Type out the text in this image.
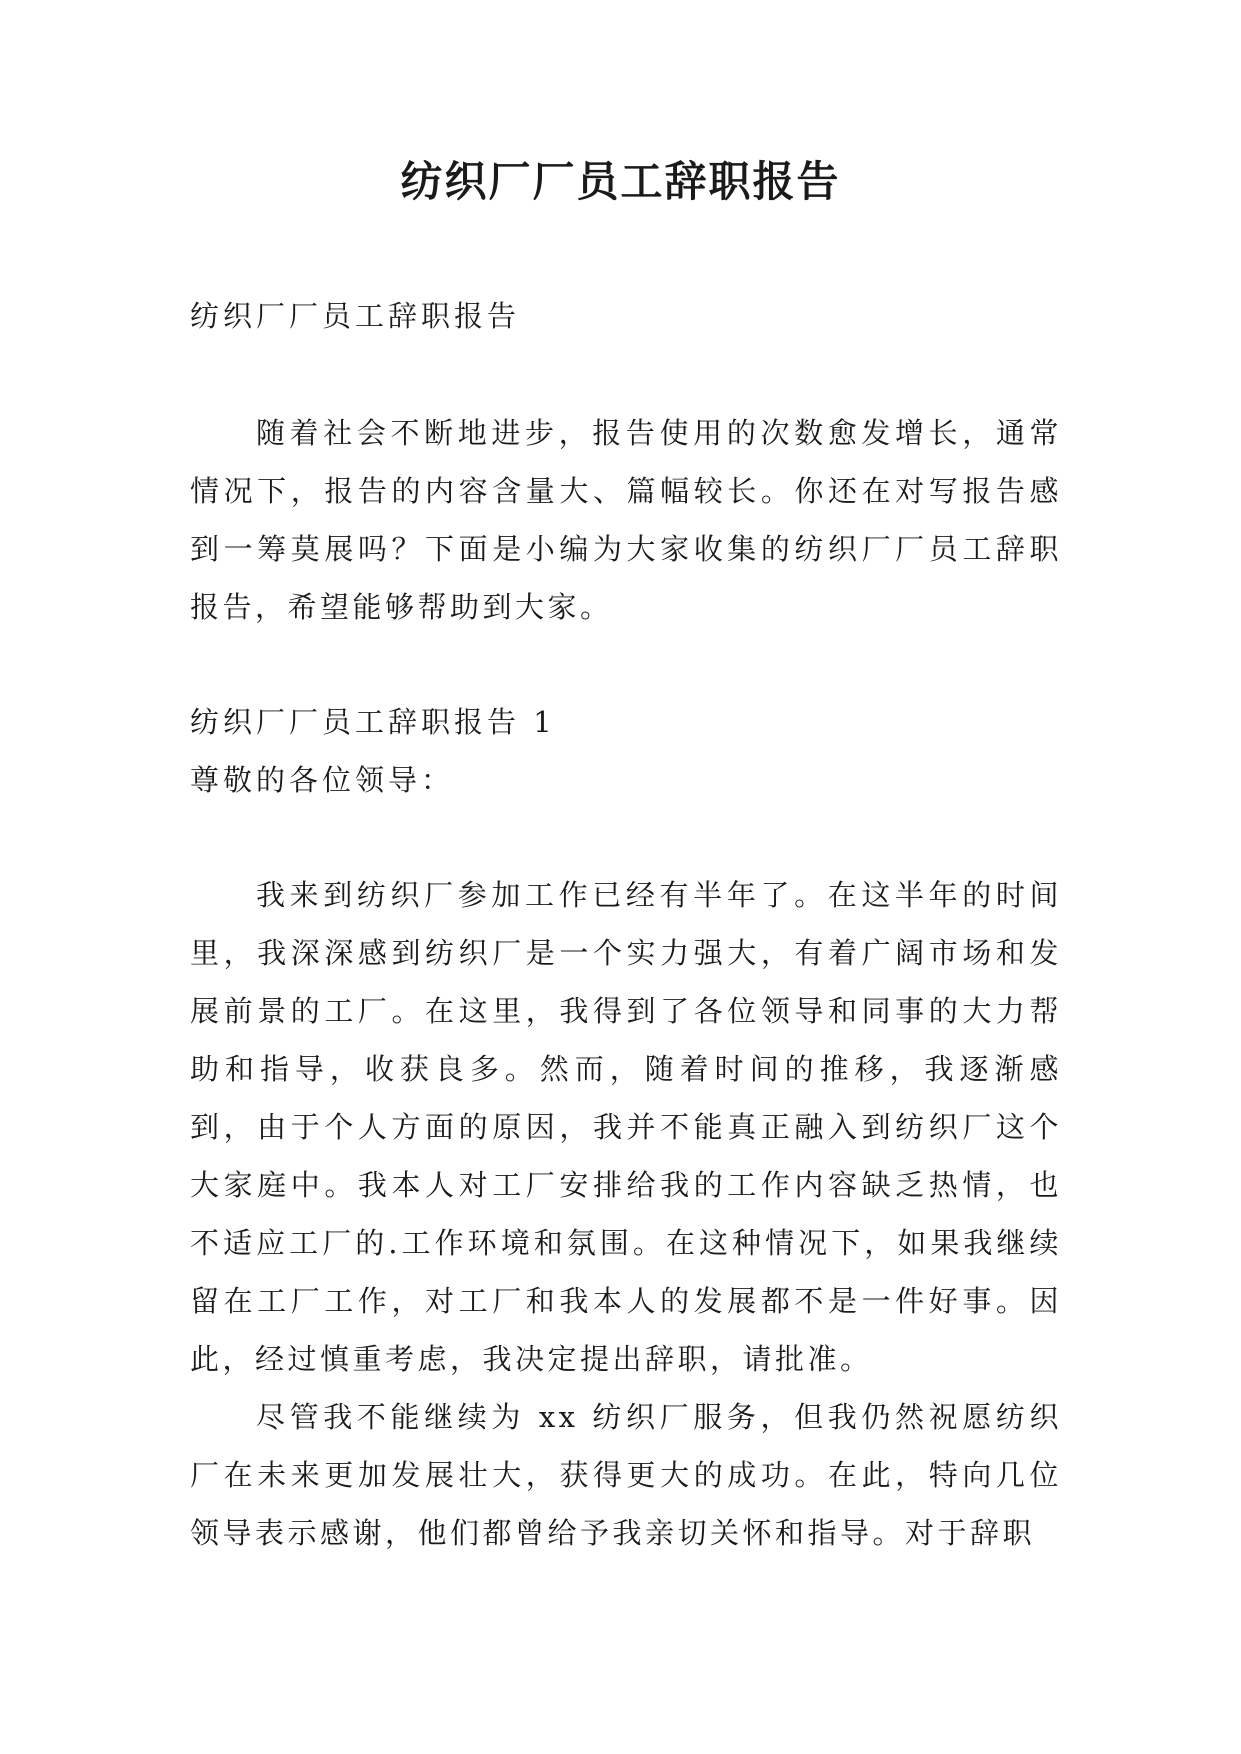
纺织厂厂员工辞职报告

纺织厂厂员工辞职报告

随着社会不断地进步，报告使用的次数愈发增长，通常情况下，报告的内容含量大、篇幅较长。你还在对写报告感到一筹莫展吗？下面是小编为大家收集的纺织厂厂员工辞职报告，希望能够帮助到大家。

纺织厂厂员工辞职报告 1

尊敬的各位领导：

我来到纺织厂参加工作已经有半年了。在这半年的时间里，我深深感到纺织厂是一个实力强大，有着广阔市场和发展前景的工厂。在这里，我得到了各位领导和同事的大力帮助和指导，收获良多。然而，随着时间的推移，我逐渐感到，由于个人方面的原因，我并不能真正融入到纺织厂这个大家庭中。我本人对工厂安排给我的工作内容缺乏热情，也不适应工厂的.工作环境和氛围。在这种情况下，如果我继续留在工厂工作，对工厂和我本人的发展都不是一件好事。因此，经过慎重考虑，我决定提出辞职，请批准。

尽管我不能继续为 xx 纺织厂服务，但我仍然祝愿纺织厂在未来更加发展壮大，获得更大的成功。在此，特向几位领导表示感谢，他们都曾给予我亲切关怀和指导。对于辞职
